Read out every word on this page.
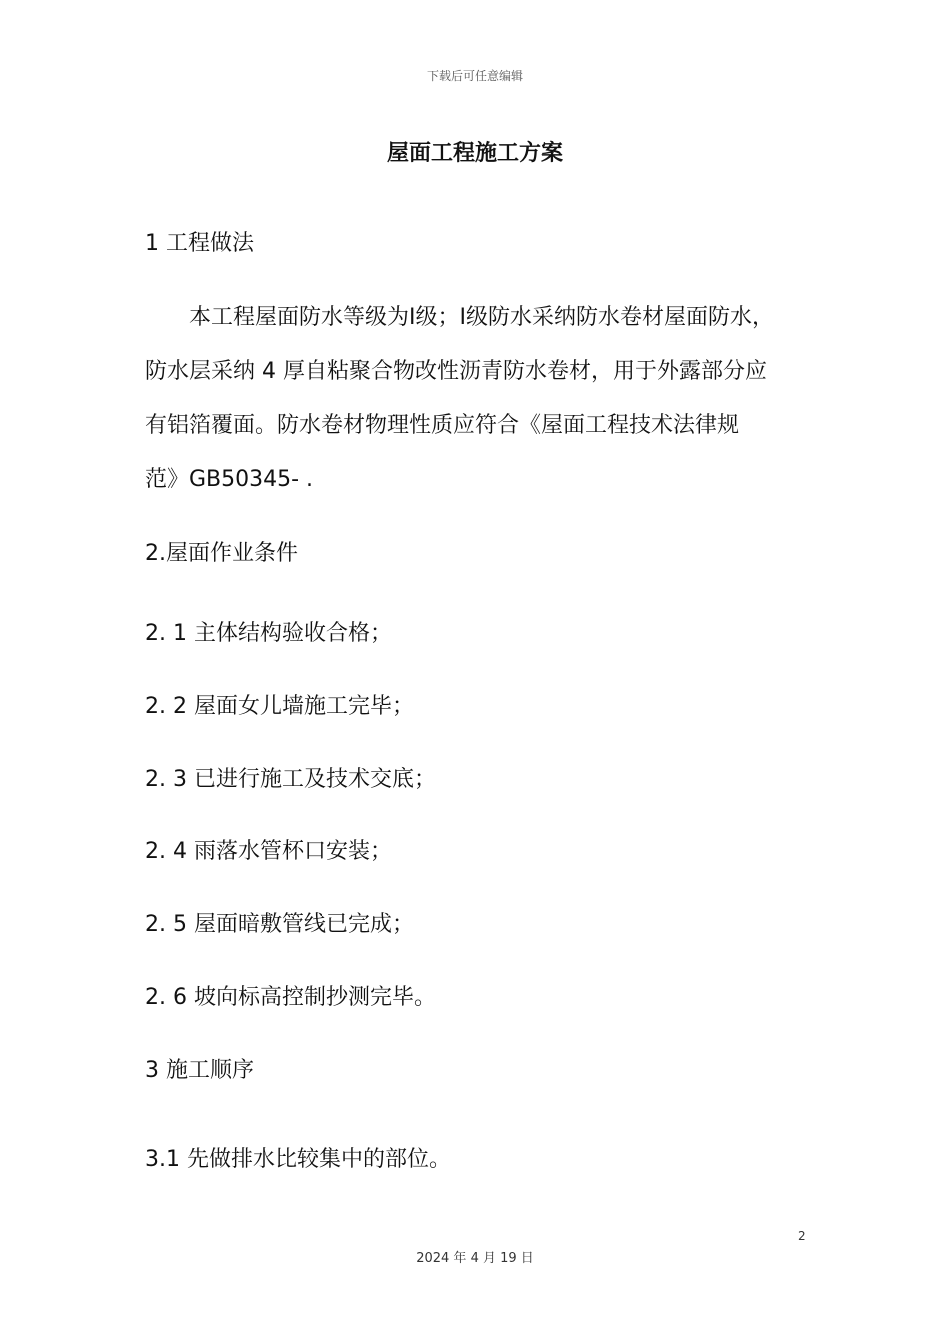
下载后可任意编辑
屋面工程施工方案
1 工程做法
本工程屋面防水等级为Ⅰ级；Ⅰ级防水采纳防水卷材屋面防水，
防水层采纳 4 厚自粘聚合物改性沥青防水卷材，用于外露部分应
有铝箔覆面。防水卷材物理性质应符合《屋面工程技术法律规
范》GB50345- .
2.屋面作业条件
2. 1 主体结构验收合格；
2. 2 屋面女儿墙施工完毕；
2. 3 已进行施工及技术交底；
2. 4 雨落水管杯口安装；
2. 5 屋面暗敷管线已完成；
2. 6 坡向标高控制抄测完毕。
3 施工顺序
3.1 先做排水比较集中的部位。
2
2024 年 4 月 19 日
